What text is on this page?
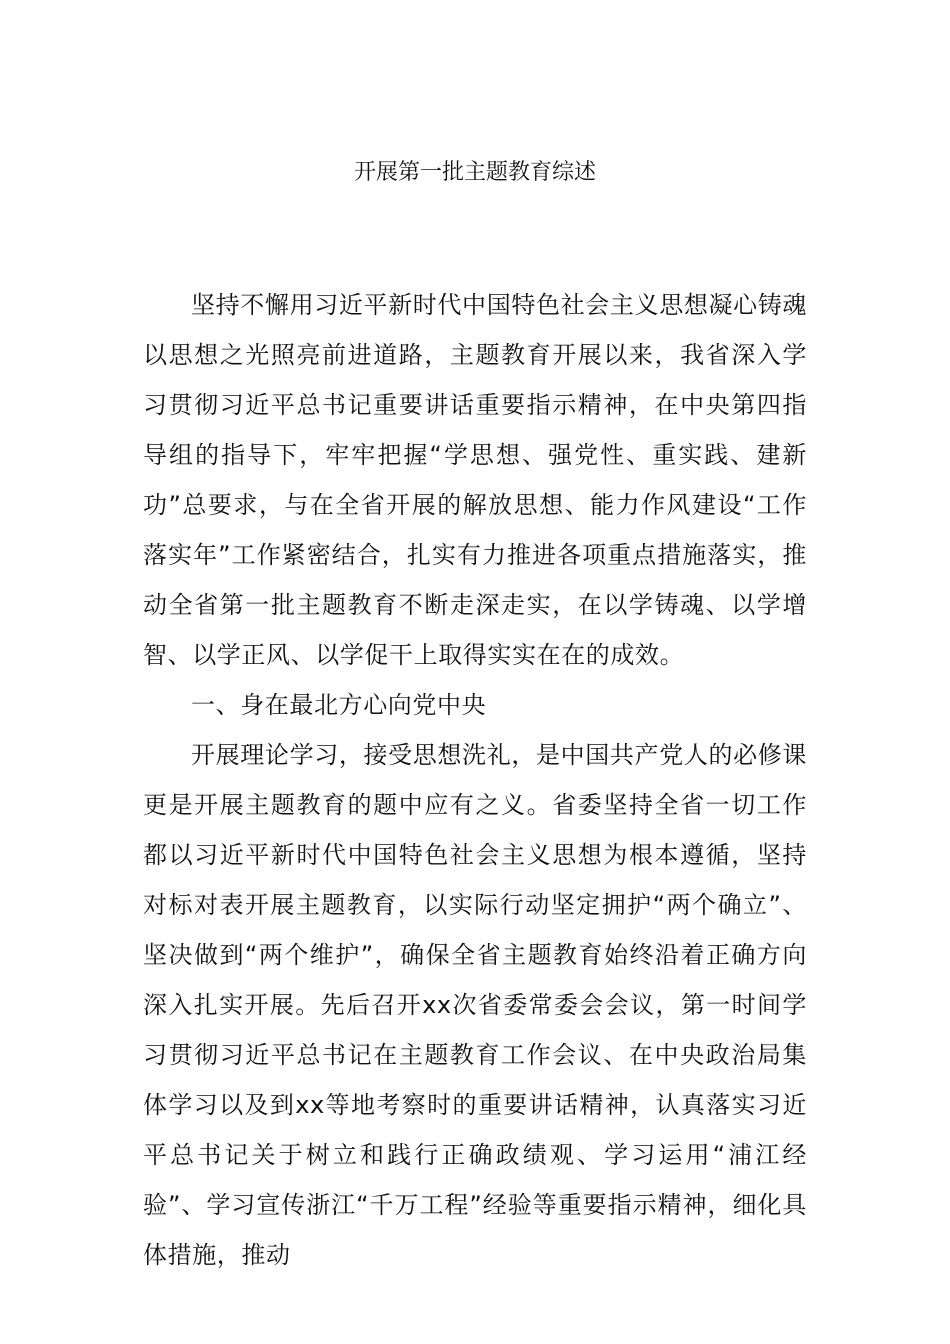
开展第一批主题教育综述

坚持不懈用习近平新时代中国特色社会主义思想凝心铸魂以思想之光照亮前进道路，主题教育开展以来，我省深入学习贯彻习近平总书记重要讲话重要指示精神，在中央第四指导组的指导下，牢牢把握“学思想、强党性、重实践、建新功”总要求，与在全省开展的解放思想、能力作风建设“工作落实年”工作紧密结合，扎实有力推进各项重点措施落实，推动全省第一批主题教育不断走深走实，在以学铸魂、以学增智、以学正风、以学促干上取得实实在在的成效。

一、身在最北方心向党中央

开展理论学习，接受思想洗礼，是中国共产党人的必修课更是开展主题教育的题中应有之义。省委坚持全省一切工作都以习近平新时代中国特色社会主义思想为根本遵循，坚持对标对表开展主题教育，以实际行动坚定拥护“两个确立”、坚决做到“两个维护”，确保全省主题教育始终沿着正确方向深入扎实开展。先后召开xx次省委常委会会议，第一时间学习贯彻习近平总书记在主题教育工作会议、在中央政治局集体学习以及到xx等地考察时的重要讲话精神，认真落实习近平总书记关于树立和践行正确政绩观、学习运用“浦江经验”、学习宣传浙江“千万工程”经验等重要指示精神，细化具体措施，推动
